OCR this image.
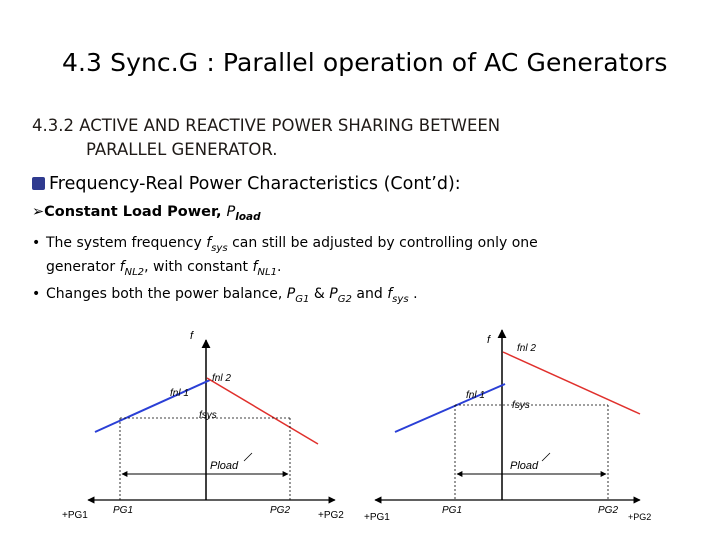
4.3 Sync.G : Parallel operation of AC Generators
4.3.2 ACTIVE AND REACTIVE POWER SHARING BETWEEN
PARALLEL GENERATOR.
Frequency-Real Power Characteristics (Cont’d):
➢Constant Load Power, $P_{load}$
• The system frequency $f_{sys}$ can still be adjusted by controlling only one
generator $f_{NL2}$, with constant $f_{NL1}$.
• Changes both the power balance, $P_{G1}$ & $P_{G2}$ and $f_{sys}$ .
f
fnl 1
fnl 2
fsys
Pload
+PG1	PG1	PG2	+PG2
f
fnl 1
fnl 2
fsys
Pload
+PG1
PG1	PG2
+PG2
